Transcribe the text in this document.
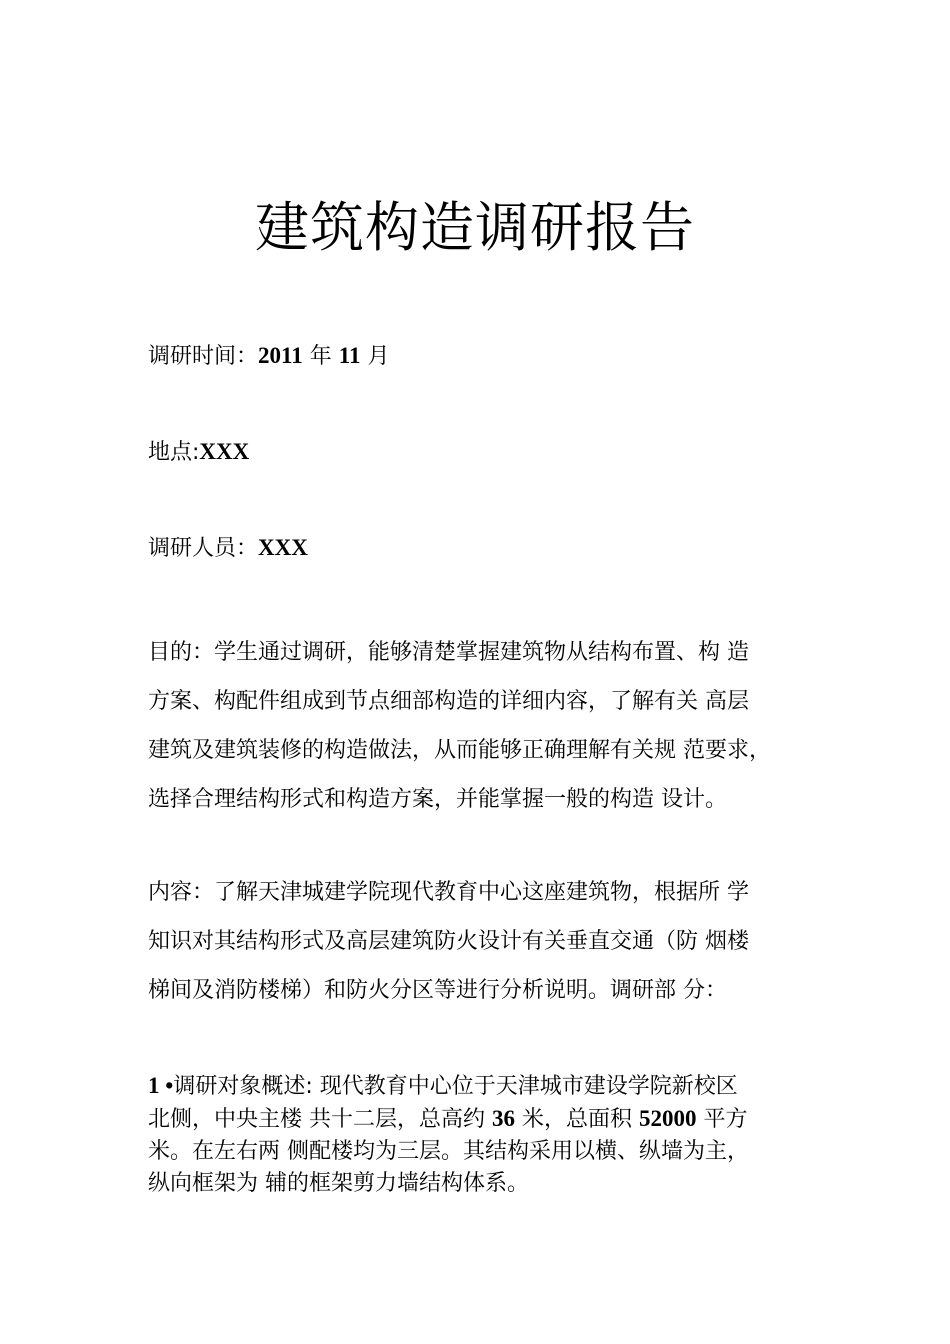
建筑构造调研报告
调研时间：2011 年 11 月
地点:XXX
调研人员：XXX
目的：学生通过调研，能够清楚掌握建筑物从结构布置、构 造
方案、构配件组成到节点细部构造的详细内容，了解有关 高层
建筑及建筑装修的构造做法，从而能够正确理解有关规 范要求，
选择合理结构形式和构造方案，并能掌握一般的构造 设计。
内容：了解天津城建学院现代教育中心这座建筑物，根据所 学
知识对其结构形式及高层建筑防火设计有关垂直交通（防 烟楼
梯间及消防楼梯）和防火分区等进行分析说明。调研部 分：
1 •调研对象概述: 现代教育中心位于天津城市建设学院新校区
北侧，中央主楼 共十二层，总高约 36 米，总面积 52000 平方
米。在左右两 侧配楼均为三层。其结构采用以横、纵墙为主，
纵向框架为 辅的框架剪力墙结构体系。
